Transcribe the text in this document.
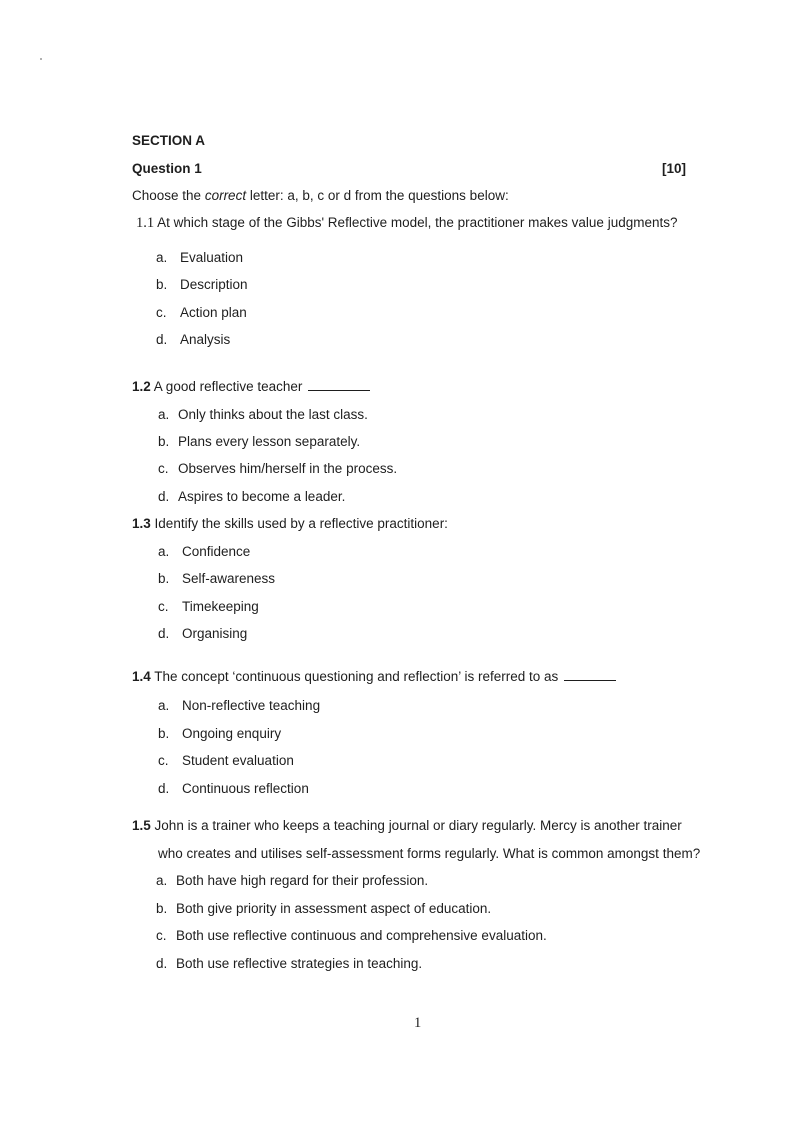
SECTION A
Question 1	[10]
Choose the correct letter: a, b, c or d from the questions below:
1.1 At which stage of the Gibbs' Reflective model, the practitioner makes value judgments?
a. Evaluation
b. Description
c. Action plan
d. Analysis
1.2 A good reflective teacher
a. Only thinks about the last class.
b. Plans every lesson separately.
c. Observes him/herself in the process.
d. Aspires to become a leader.
1.3 Identify the skills used by a reflective practitioner:
a. Confidence
b. Self-awareness
c. Timekeeping
d. Organising
1.4 The concept ‘continuous questioning and reflection’ is referred to as
a. Non-reflective teaching
b. Ongoing enquiry
c. Student evaluation
d. Continuous reflection
1.5 John is a trainer who keeps a teaching journal or diary regularly. Mercy is another trainer
who creates and utilises self-assessment forms regularly. What is common amongst them?
a. Both have high regard for their profession.
b. Both give priority in assessment aspect of education.
c. Both use reflective continuous and comprehensive evaluation.
d. Both use reflective strategies in teaching.
1
